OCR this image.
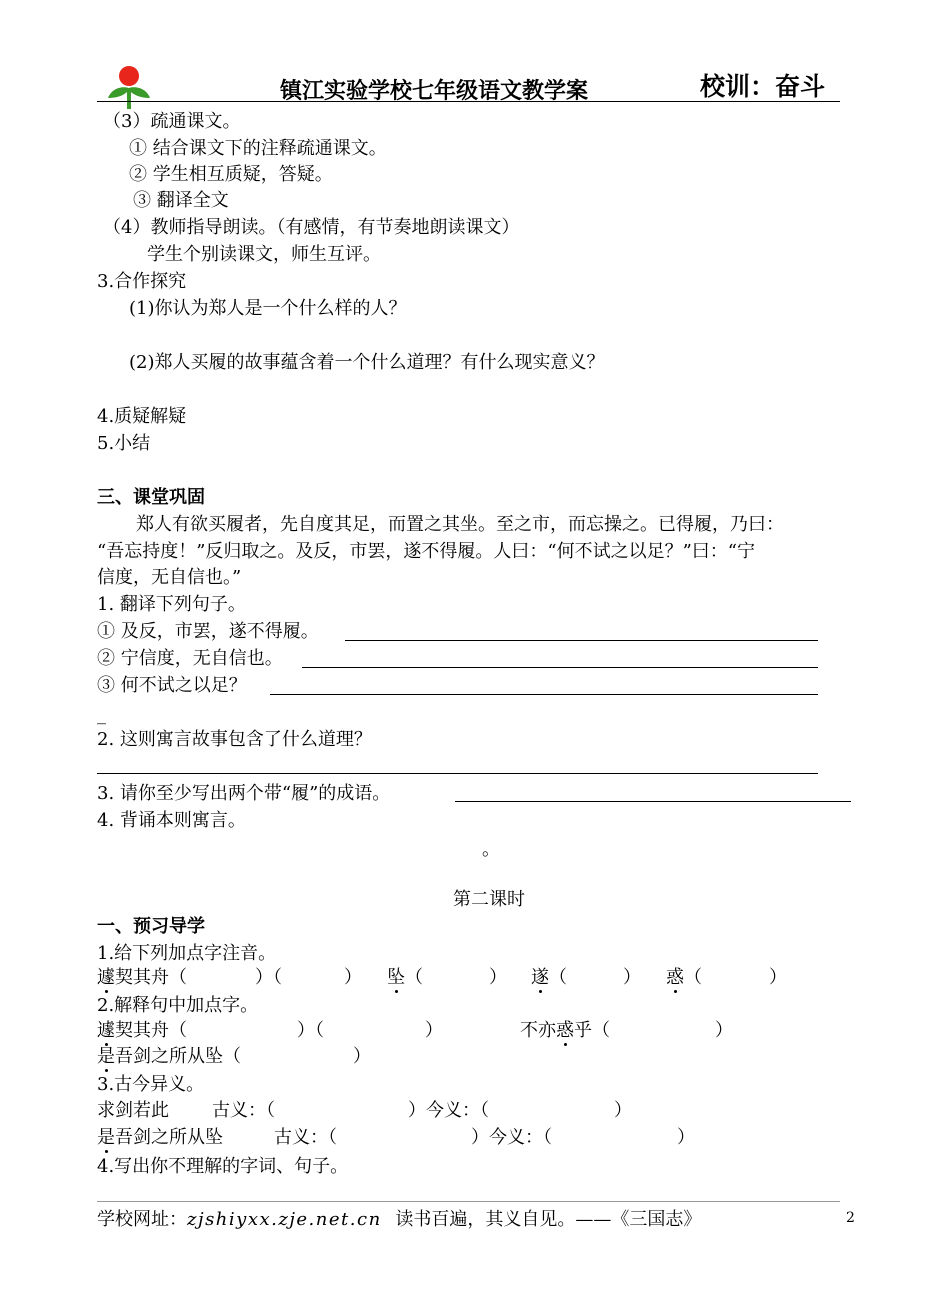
镇江实验学校七年级语文教学案	校训：奋斗
（3）疏通课文。
① 结合课文下的注释疏通课文。
② 学生相互质疑，答疑。
③ 翻译全文
（4）教师指导朗读。（有感情，有节奏地朗读课文）
学生个别读课文，师生互评。
3.合作探究
(1)你认为郑人是一个什么样的人？
(2)郑人买履的故事蕴含着一个什么道理？有什么现实意义？
4.质疑解疑
5.小结
三、课堂巩固
郑人有欲买履者，先自度其足，而置之其坐。至之市，而忘操之。已得履，乃曰：
“吾忘持度！”反归取之。及反，市罢，遂不得履。人曰：“何不试之以足？”曰：“宁
信度，无自信也。”
1. 翻译下列句子。
① 及反，市罢，遂不得履。
② 宁信度，无自信也。
③ 何不试之以足？
_
2. 这则寓言故事包含了什么道理？
3. 请你至少写出两个带“履”的成语。
4. 背诵本则寓言。
。
第二课时
一、预习导学
1.给下列加点字注音。
遽契其舟（	）（	） 坠（	） 遂（	） 惑（	）
2.解释句中加点字。
遽契其舟（	）（	）	不亦惑乎（	）
是吾剑之所从坠（	）
3.古今异义。
求剑若此 古义：（	）今义：（	）
是吾剑之所从坠	古义：（	）今义：（	）
4.写出你不理解的字词、句子。
学校网址：zjshiyxx.zje.net.cn 读书百遍，其义自见。——《三国志》	2
